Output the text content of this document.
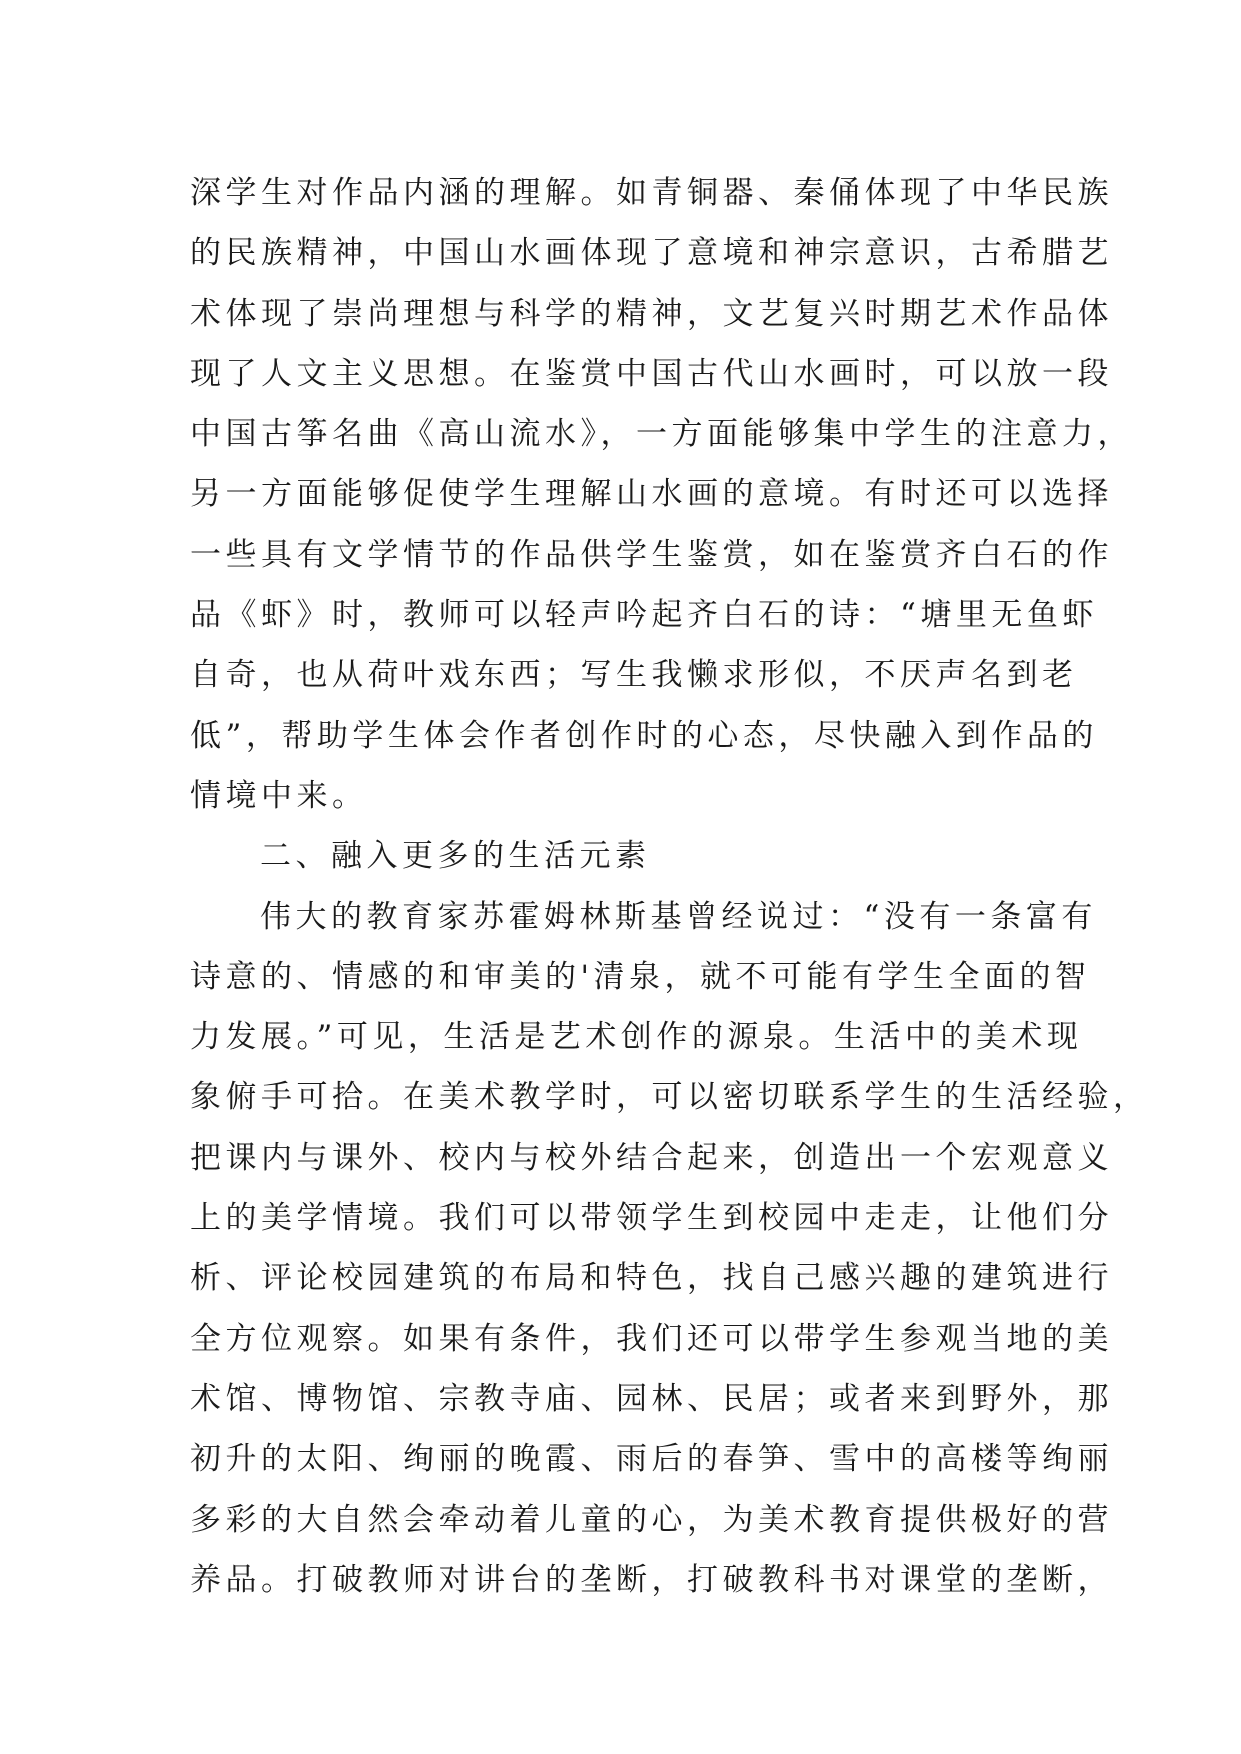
深学生对作品内涵的理解。如青铜器、秦俑体现了中华民族
的民族精神，中国山水画体现了意境和神宗意识，古希腊艺
术体现了崇尚理想与科学的精神，文艺复兴时期艺术作品体
现了人文主义思想。在鉴赏中国古代山水画时，可以放一段
中国古筝名曲《高山流水》，一方面能够集中学生的注意力，
另一方面能够促使学生理解山水画的意境。有时还可以选择
一些具有文学情节的作品供学生鉴赏，如在鉴赏齐白石的作
品《虾》时，教师可以轻声吟起齐白石的诗：“塘里无鱼虾
自奇，也从荷叶戏东西；写生我懒求形似，不厌声名到老
低”，帮助学生体会作者创作时的心态，尽快融入到作品的
情境中来。
二、融入更多的生活元素
伟大的教育家苏霍姆林斯基曾经说过：“没有一条富有
诗意的、情感的和审美的'清泉，就不可能有学生全面的智
力发展。”可见，生活是艺术创作的源泉。生活中的美术现
象俯手可拾。在美术教学时，可以密切联系学生的生活经验，
把课内与课外、校内与校外结合起来，创造出一个宏观意义
上的美学情境。我们可以带领学生到校园中走走，让他们分
析、评论校园建筑的布局和特色，找自己感兴趣的建筑进行
全方位观察。如果有条件，我们还可以带学生参观当地的美
术馆、博物馆、宗教寺庙、园林、民居；或者来到野外，那
初升的太阳、绚丽的晚霞、雨后的春笋、雪中的高楼等绚丽
多彩的大自然会牵动着儿童的心，为美术教育提供极好的营
养品。打破教师对讲台的垄断，打破教科书对课堂的垄断，
